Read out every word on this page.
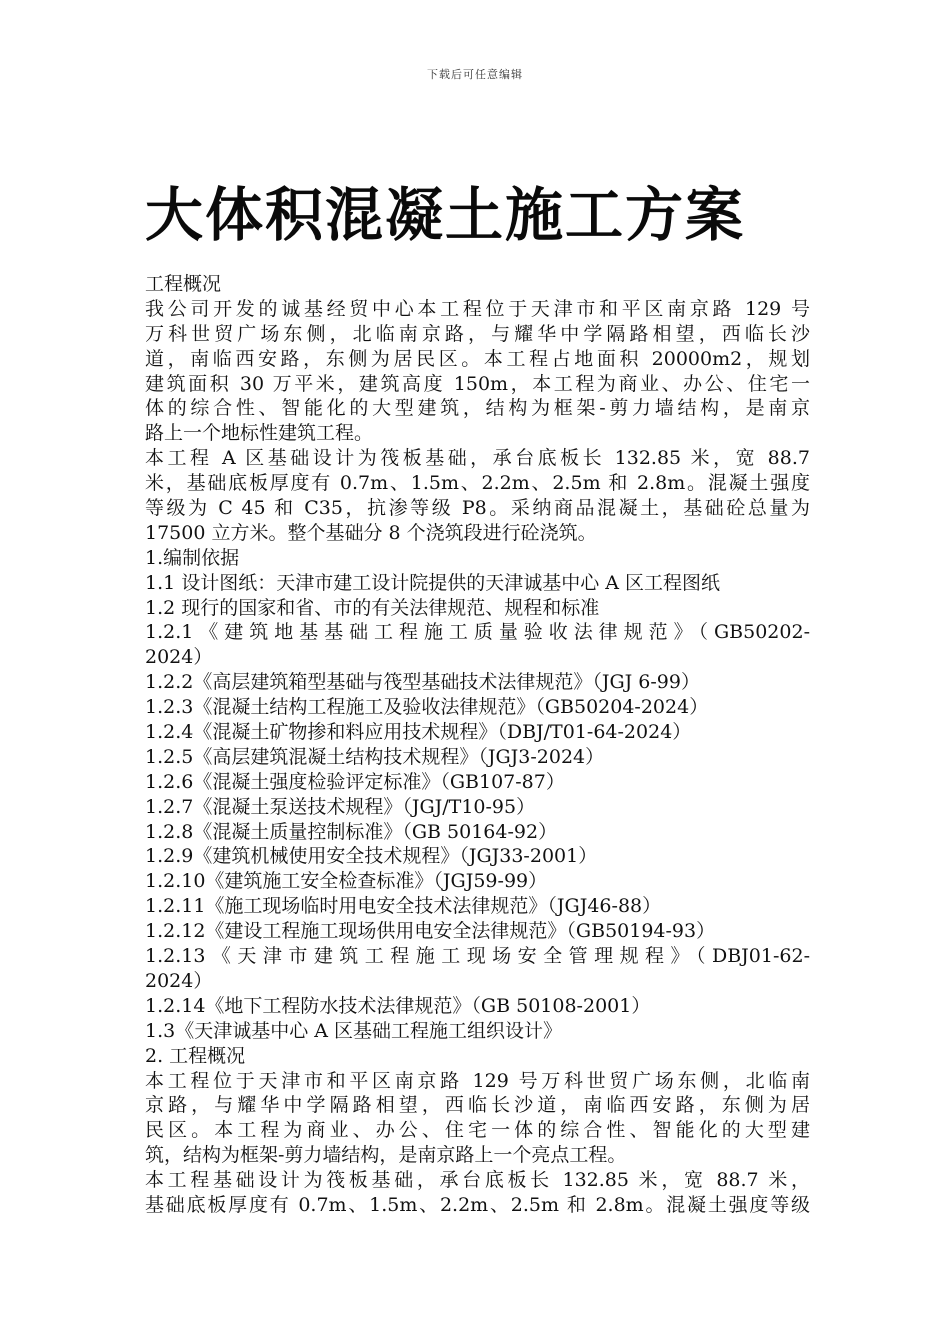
下载后可任意编辑
大体积混凝土施工方案
工程概况
我公司开发的诚基经贸中心本工程位于天津市和平区南京路 129 号
万科世贸广场东侧，北临南京路，与耀华中学隔路相望，西临长沙
道，南临西安路，东侧为居民区。本工程占地面积 20000m2，规划
建筑面积 30 万平米，建筑高度 150m，本工程为商业、办公、住宅一
体的综合性、智能化的大型建筑，结构为框架-剪力墙结构，是南京
路上一个地标性建筑工程。
本工程 A 区基础设计为筏板基础，承台底板长 132.85 米，宽 88.7
米，基础底板厚度有 0.7m、1.5m、2.2m、2.5m 和 2.8m。混凝土强度
等级为 C 45 和 C35，抗渗等级 P8。采纳商品混凝土，基础砼总量为
17500 立方米。整个基础分 8 个浇筑段进行砼浇筑。
1.编制依据
1.1 设计图纸：天津市建工设计院提供的天津诚基中心 A 区工程图纸
1.2 现行的国家和省、市的有关法律规范、规程和标准
1.2.1《建筑地基基础工程施工质量验收法律规范》（GB50202-
2024）
1.2.2《高层建筑箱型基础与筏型基础技术法律规范》（JGJ 6-99）
1.2.3《混凝土结构工程施工及验收法律规范》（GB50204-2024）
1.2.4《混凝土矿物掺和料应用技术规程》（DBJ/T01-64-2024）
1.2.5《高层建筑混凝土结构技术规程》（JGJ3-2024）
1.2.6《混凝土强度检验评定标准》（GB107-87）
1.2.7《混凝土泵送技术规程》（JGJ/T10-95）
1.2.8《混凝土质量控制标准》（GB 50164-92）
1.2.9《建筑机械使用安全技术规程》（JGJ33-2001）
1.2.10《建筑施工安全检查标准》（JGJ59-99）
1.2.11《施工现场临时用电安全技术法律规范》（JGJ46-88）
1.2.12《建设工程施工现场供用电安全法律规范》（GB50194-93）
1.2.13《天津市建筑工程施工现场安全管理规程》（DBJ01-62-
2024）
1.2.14《地下工程防水技术法律规范》（GB 50108-2001）
1.3《天津诚基中心 A 区基础工程施工组织设计》
2. 工程概况
本工程位于天津市和平区南京路 129 号万科世贸广场东侧，北临南
京路，与耀华中学隔路相望，西临长沙道，南临西安路，东侧为居
民区。本工程为商业、办公、住宅一体的综合性、智能化的大型建
筑，结构为框架-剪力墙结构，是南京路上一个亮点工程。
本工程基础设计为筏板基础，承台底板长 132.85 米，宽 88.7 米，
基础底板厚度有 0.7m、1.5m、2.2m、2.5m 和 2.8m。混凝土强度等级
